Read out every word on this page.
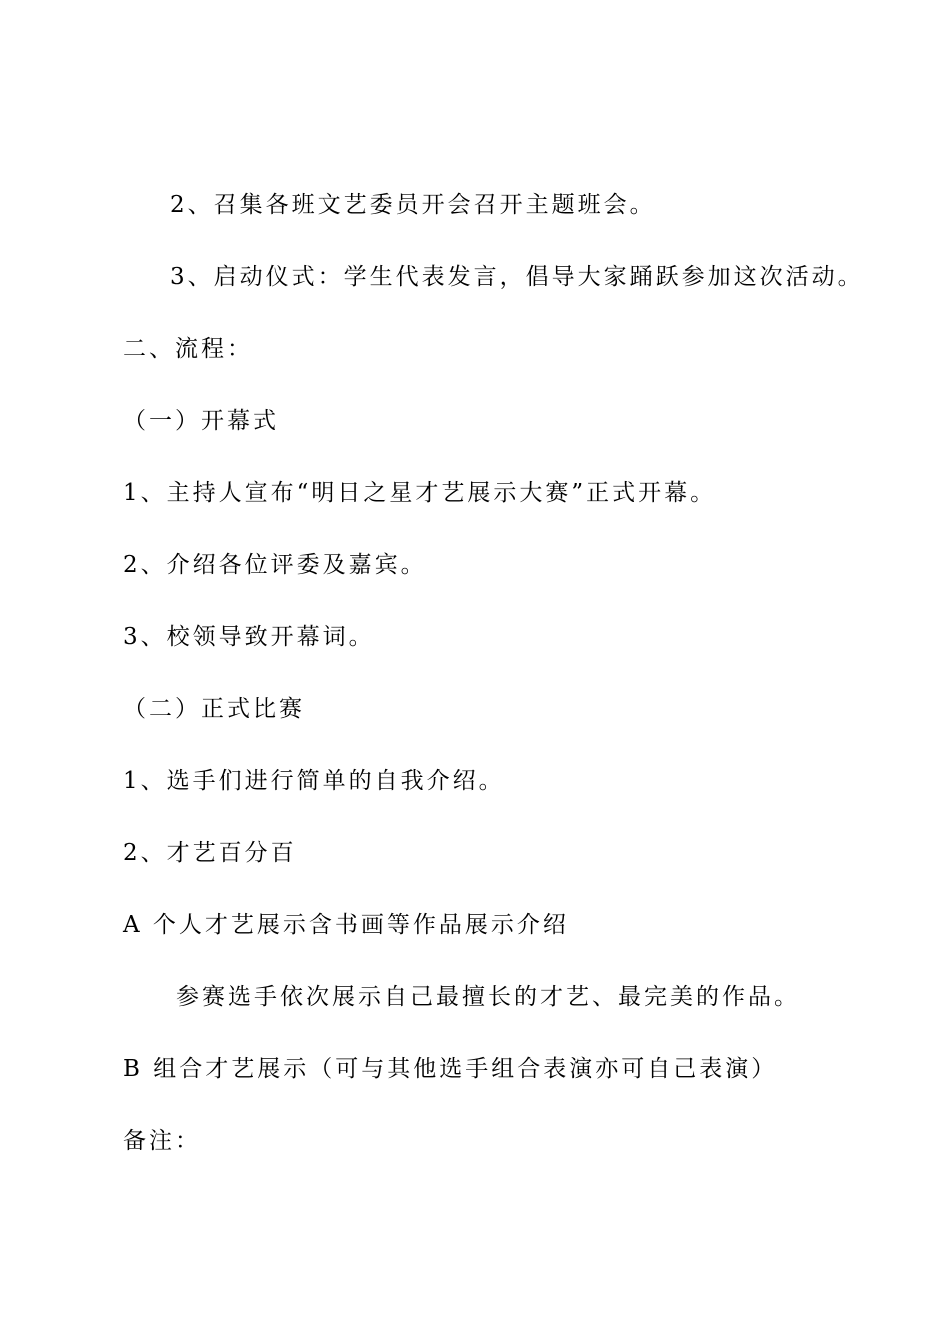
2、召集各班文艺委员开会召开主题班会。
3、启动仪式：学生代表发言，倡导大家踊跃参加这次活动。
二、流程：
（一）开幕式
1、主持人宣布“明日之星才艺展示大赛”正式开幕。
2、介绍各位评委及嘉宾。
3、校领导致开幕词。
（二）正式比赛
1、选手们进行简单的自我介绍。
2、才艺百分百
A 个人才艺展示含书画等作品展示介绍
参赛选手依次展示自己最擅长的才艺、最完美的作品。
B 组合才艺展示（可与其他选手组合表演亦可自己表演）
备注：
